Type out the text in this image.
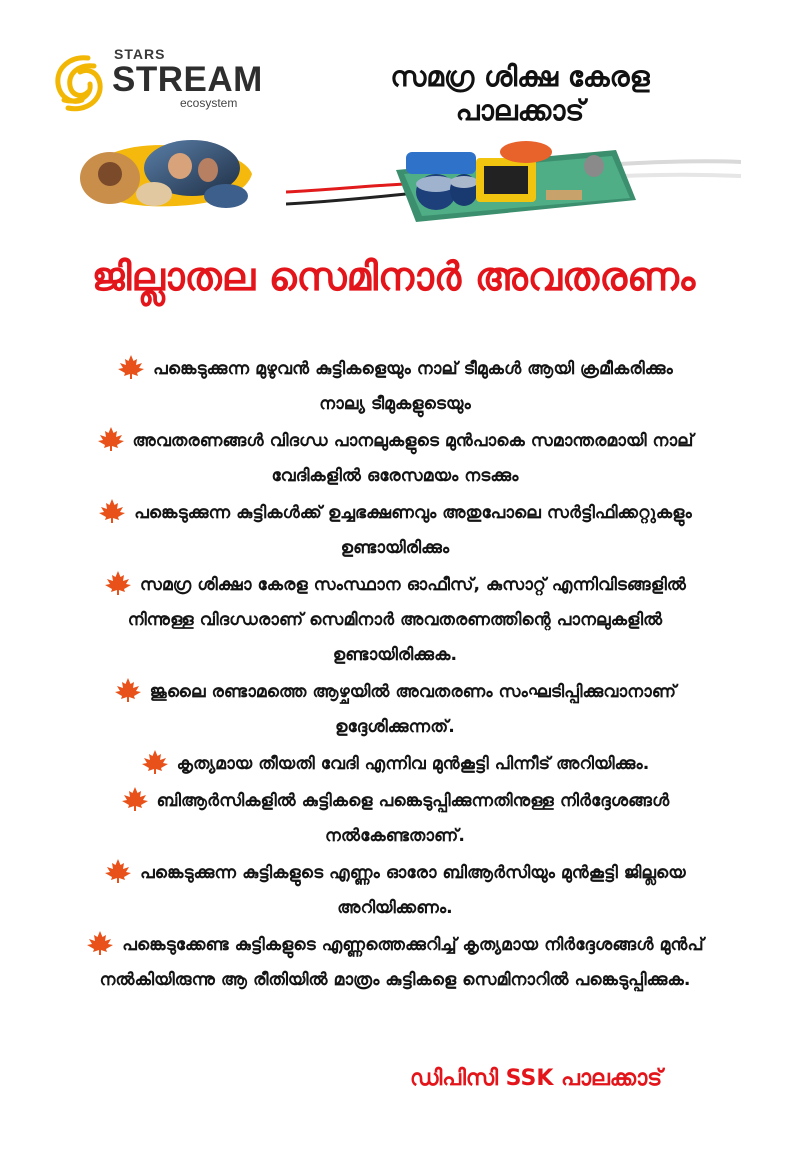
STARS
STREAM
ecosystem
സമഗ്ര ശിക്ഷ കേരള
പാലക്കാട്
ജില്ലാതല സെമിനാർ അവതരണം
പങ്കെടുക്കുന്ന മുഴുവൻ കുട്ടികളെയും നാല് ടീമുകൾ ആയി ക്രമീകരിക്കും
നാല്യ ടീമുകളുടെയും
അവതരണങ്ങൾ വിദഗ്ധ പാനലുകളുടെ മുൻപാകെ സമാന്തരമായി നാല്
വേദികളിൽ ഒരേസമയം നടക്കും
പങ്കെടുക്കുന്ന കുട്ടികൾക്ക് ഉച്ചഭക്ഷണവും അതുപോലെ സർട്ടിഫിക്കറ്റുകളും
ഉണ്ടായിരിക്കും
സമഗ്ര ശിക്ഷാ കേരള സംസ്ഥാന ഓഫീസ്, കുസാറ്റ് എന്നിവിടങ്ങളിൽ
നിന്നുള്ള വിദഗ്ധരാണ് സെമിനാർ അവതരണത്തിന്റെ പാനലുകളിൽ
ഉണ്ടായിരിക്കുക.
ജൂലൈ രണ്ടാമത്തെ ആഴ്ചയിൽ അവതരണം സംഘടിപ്പിക്കുവാനാണ്
ഉദ്ദേശിക്കുന്നത്.
കൃത്യമായ തീയതി വേദി എന്നിവ മുൻകൂട്ടി പിന്നീട് അറിയിക്കും.
ബിആർസികളിൽ കുട്ടികളെ പങ്കെടുപ്പിക്കുന്നതിനുള്ള നിർദ്ദേശങ്ങൾ
നൽകേണ്ടതാണ്.
പങ്കെടുക്കുന്ന കുട്ടികളുടെ എണ്ണം ഓരോ ബിആർസിയും മുൻകൂട്ടി ജില്ലയെ
അറിയിക്കണം.
പങ്കെടുക്കേണ്ട കുട്ടികളുടെ എണ്ണത്തെക്കുറിച്ച് കൃത്യമായ നിർദ്ദേശങ്ങൾ മുൻപ്
നൽകിയിരുന്നു ആ രീതിയിൽ മാത്രം കുട്ടികളെ സെമിനാറിൽ പങ്കെടുപ്പിക്കുക.
ഡിപിസി SSK പാലക്കാട്
